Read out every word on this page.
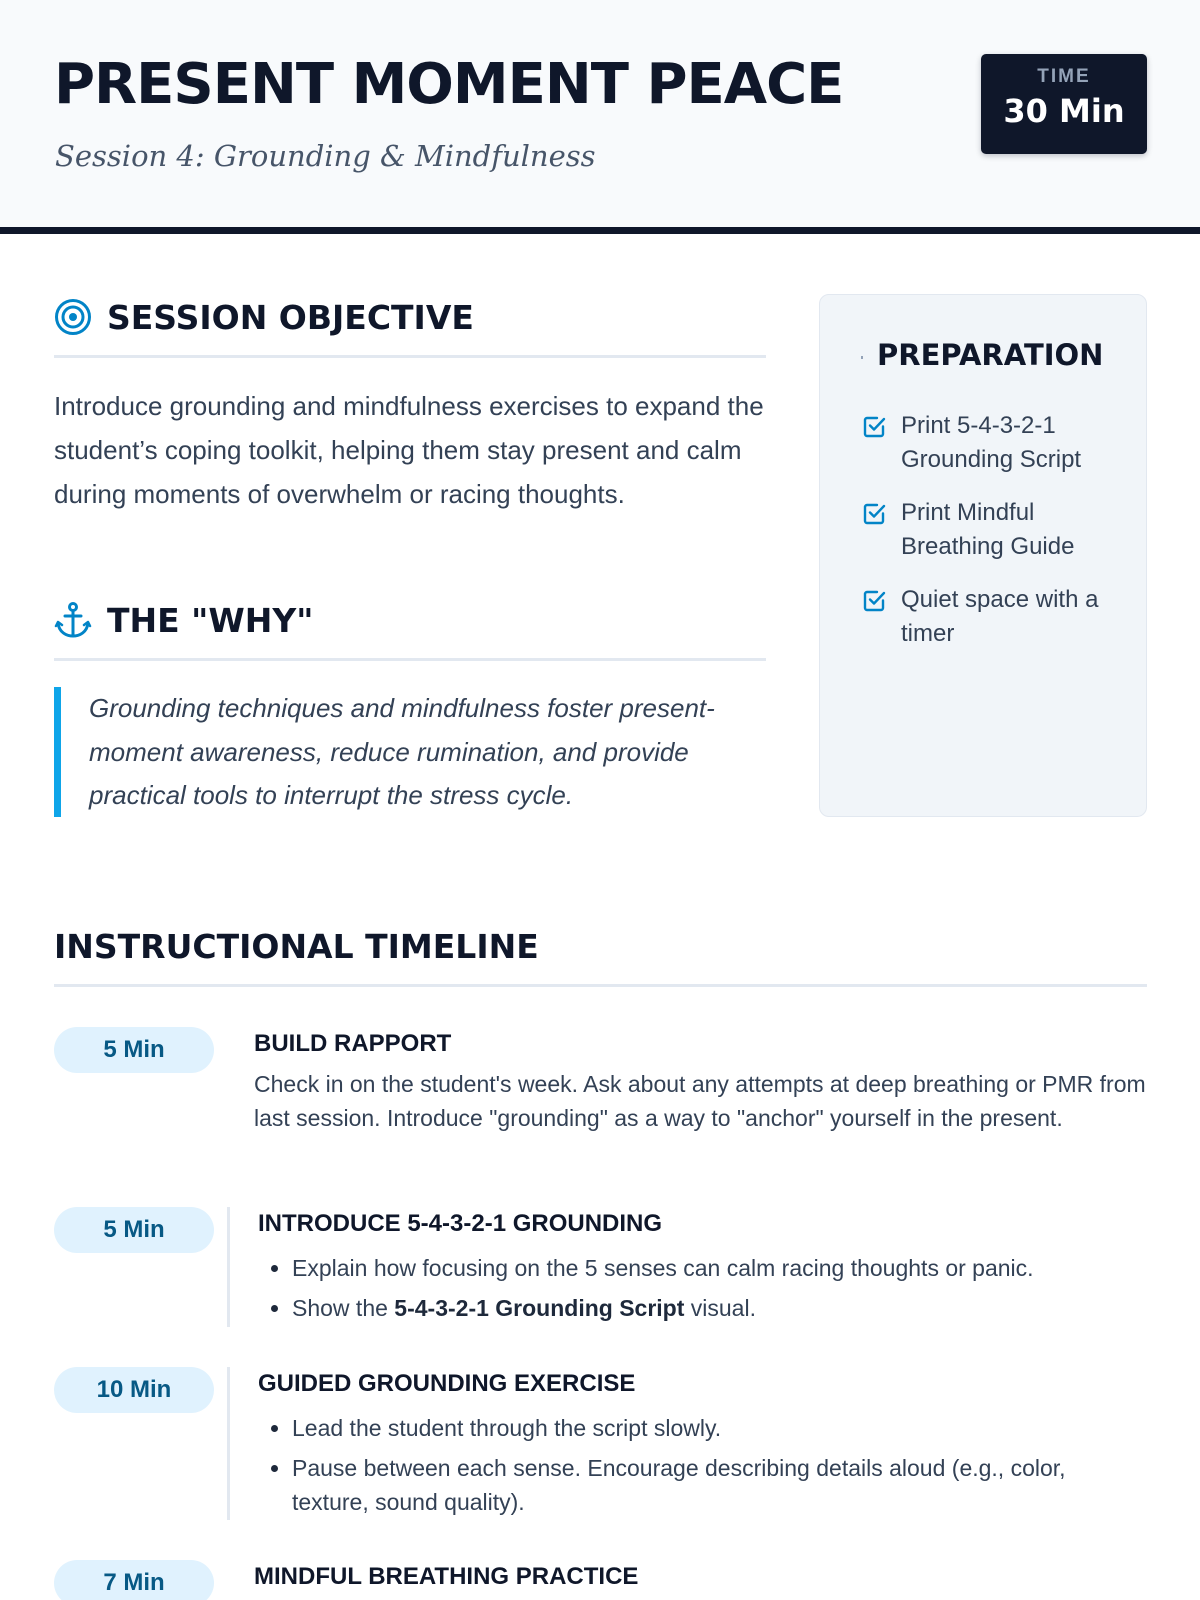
PRESENT MOMENT PEACE
Session 4: Grounding & Mindfulness
TIME
30 Min
SESSION OBJECTIVE

Introduce grounding and mindfulness exercises to expand the student’s coping toolkit, helping them stay present and calm during moments of overwhelm or racing thoughts.

THE "WHY"
Grounding techniques and mindfulness foster present-moment awareness, reduce rumination, and provide practical tools to interrupt the stress cycle.
PREPARATION
Print 5-4-3-2-1 Grounding Script
Print Mindful Breathing Guide
Quiet space with a timer
INSTRUCTIONAL TIMELINE
5 Min	BUILD RAPPORT

Check in on the student's week. Ask about any attempts at deep breathing or PMR from last session. Introduce "grounding" as a way to "anchor" yourself in the present.

5 Min	INTRODUCE 5-4-3-2-1 GROUNDING
• Explain how focusing on the 5 senses can calm racing thoughts or panic.
• Show the 5-4-3-2-1 Grounding Script visual.
10 Min	GUIDED GROUNDING EXERCISE
• Lead the student through the script slowly.
• Pause between each sense. Encourage describing details aloud (e.g., color, texture, sound quality).
7 Min	MINDFUL BREATHING PRACTICE
